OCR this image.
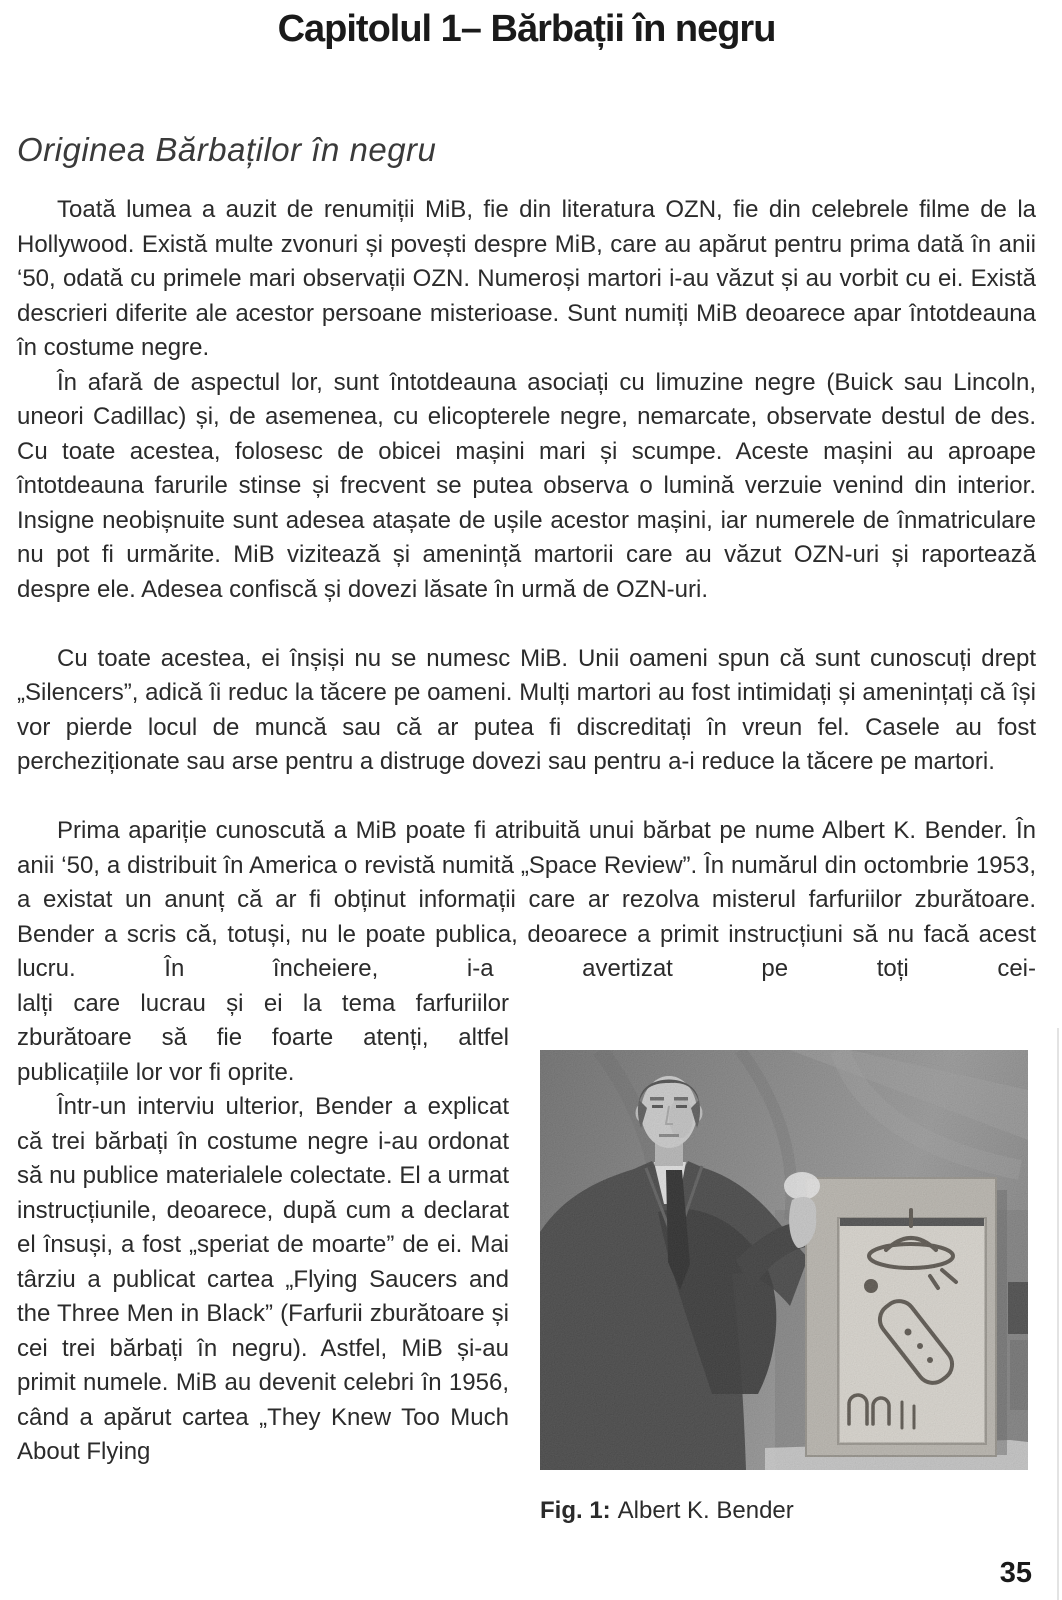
Capitolul 1– Bărbații în negru
Originea Bărbaților în negru

Toată lumea a auzit de renumiții MiB, fie din literatura OZN, fie din celebrele filme de la Hollywood. Există multe zvonuri și povești despre MiB, care au apărut pentru prima dată în anii ‘50, odată cu primele mari observații OZN. Numeroși martori i-au văzut și au vorbit cu ei. Există descrieri diferite ale acestor persoane misterioase. Sunt numiți MiB deoarece apar întotdeauna în costume negre.

În afară de aspectul lor, sunt întotdeauna asociați cu limuzine negre (Buick sau Lincoln, uneori Cadillac) și, de asemenea, cu elicopterele negre, nemarcate, observate destul de des. Cu toate acestea, folosesc de obicei mașini mari și scumpe. Aceste mașini au aproape întotdeauna farurile stinse și frecvent se putea observa o lumină verzuie venind din interior. Insigne neobișnuite sunt adesea atașate de ușile acestor mașini, iar numerele de înmatriculare nu pot fi urmărite. MiB vizitează și amenință martorii care au văzut OZN-uri și raportează despre ele. Adesea confiscă și dovezi lăsate în urmă de OZN-uri.

Cu toate acestea, ei înșiși nu se numesc MiB. Unii oameni spun că sunt cunoscuți drept „Silencers”, adică îi reduc la tăcere pe oameni. Mulți martori au fost intimidați și amenințați că își vor pierde locul de muncă sau că ar putea fi discreditați în vreun fel. Casele au fost percheziționate sau arse pentru a distruge dovezi sau pentru a-i reduce la tăcere pe martori.

Prima apariție cunoscută a MiB poate fi atribuită unui bărbat pe nume Albert K. Bender. În anii ‘50, a distribuit în America o revistă numită „Space Review”. În numărul din octombrie 1953, a existat un anunț că ar fi obținut informații care ar rezolva misterul farfuriilor zburătoare. Bender a scris că, totuși, nu le poate publica, deoarece a primit instrucțiuni să nu facă acest lucru. În încheiere, i-a avertizat pe toți cei-

lalți care lucrau și ei la tema farfuriilor zburătoare să fie foarte atenți, altfel publicațiile lor vor fi oprite.

Într-un interviu ulterior, Bender a explicat că trei bărbați în costume negre i-au ordonat să nu publice materialele colectate. El a urmat instrucțiunile, deoarece, după cum a declarat el însuși, a fost „speriat de moarte” de ei. Mai târziu a publicat cartea „Flying Saucers and the Three Men in Black” (Farfurii zburătoare și cei trei bărbați în negru). Astfel, MiB și-au primit numele. MiB au devenit celebri în 1956, când a apărut cartea „They Knew Too Much About Flying

Fig. 1: Albert K. Bender
35
